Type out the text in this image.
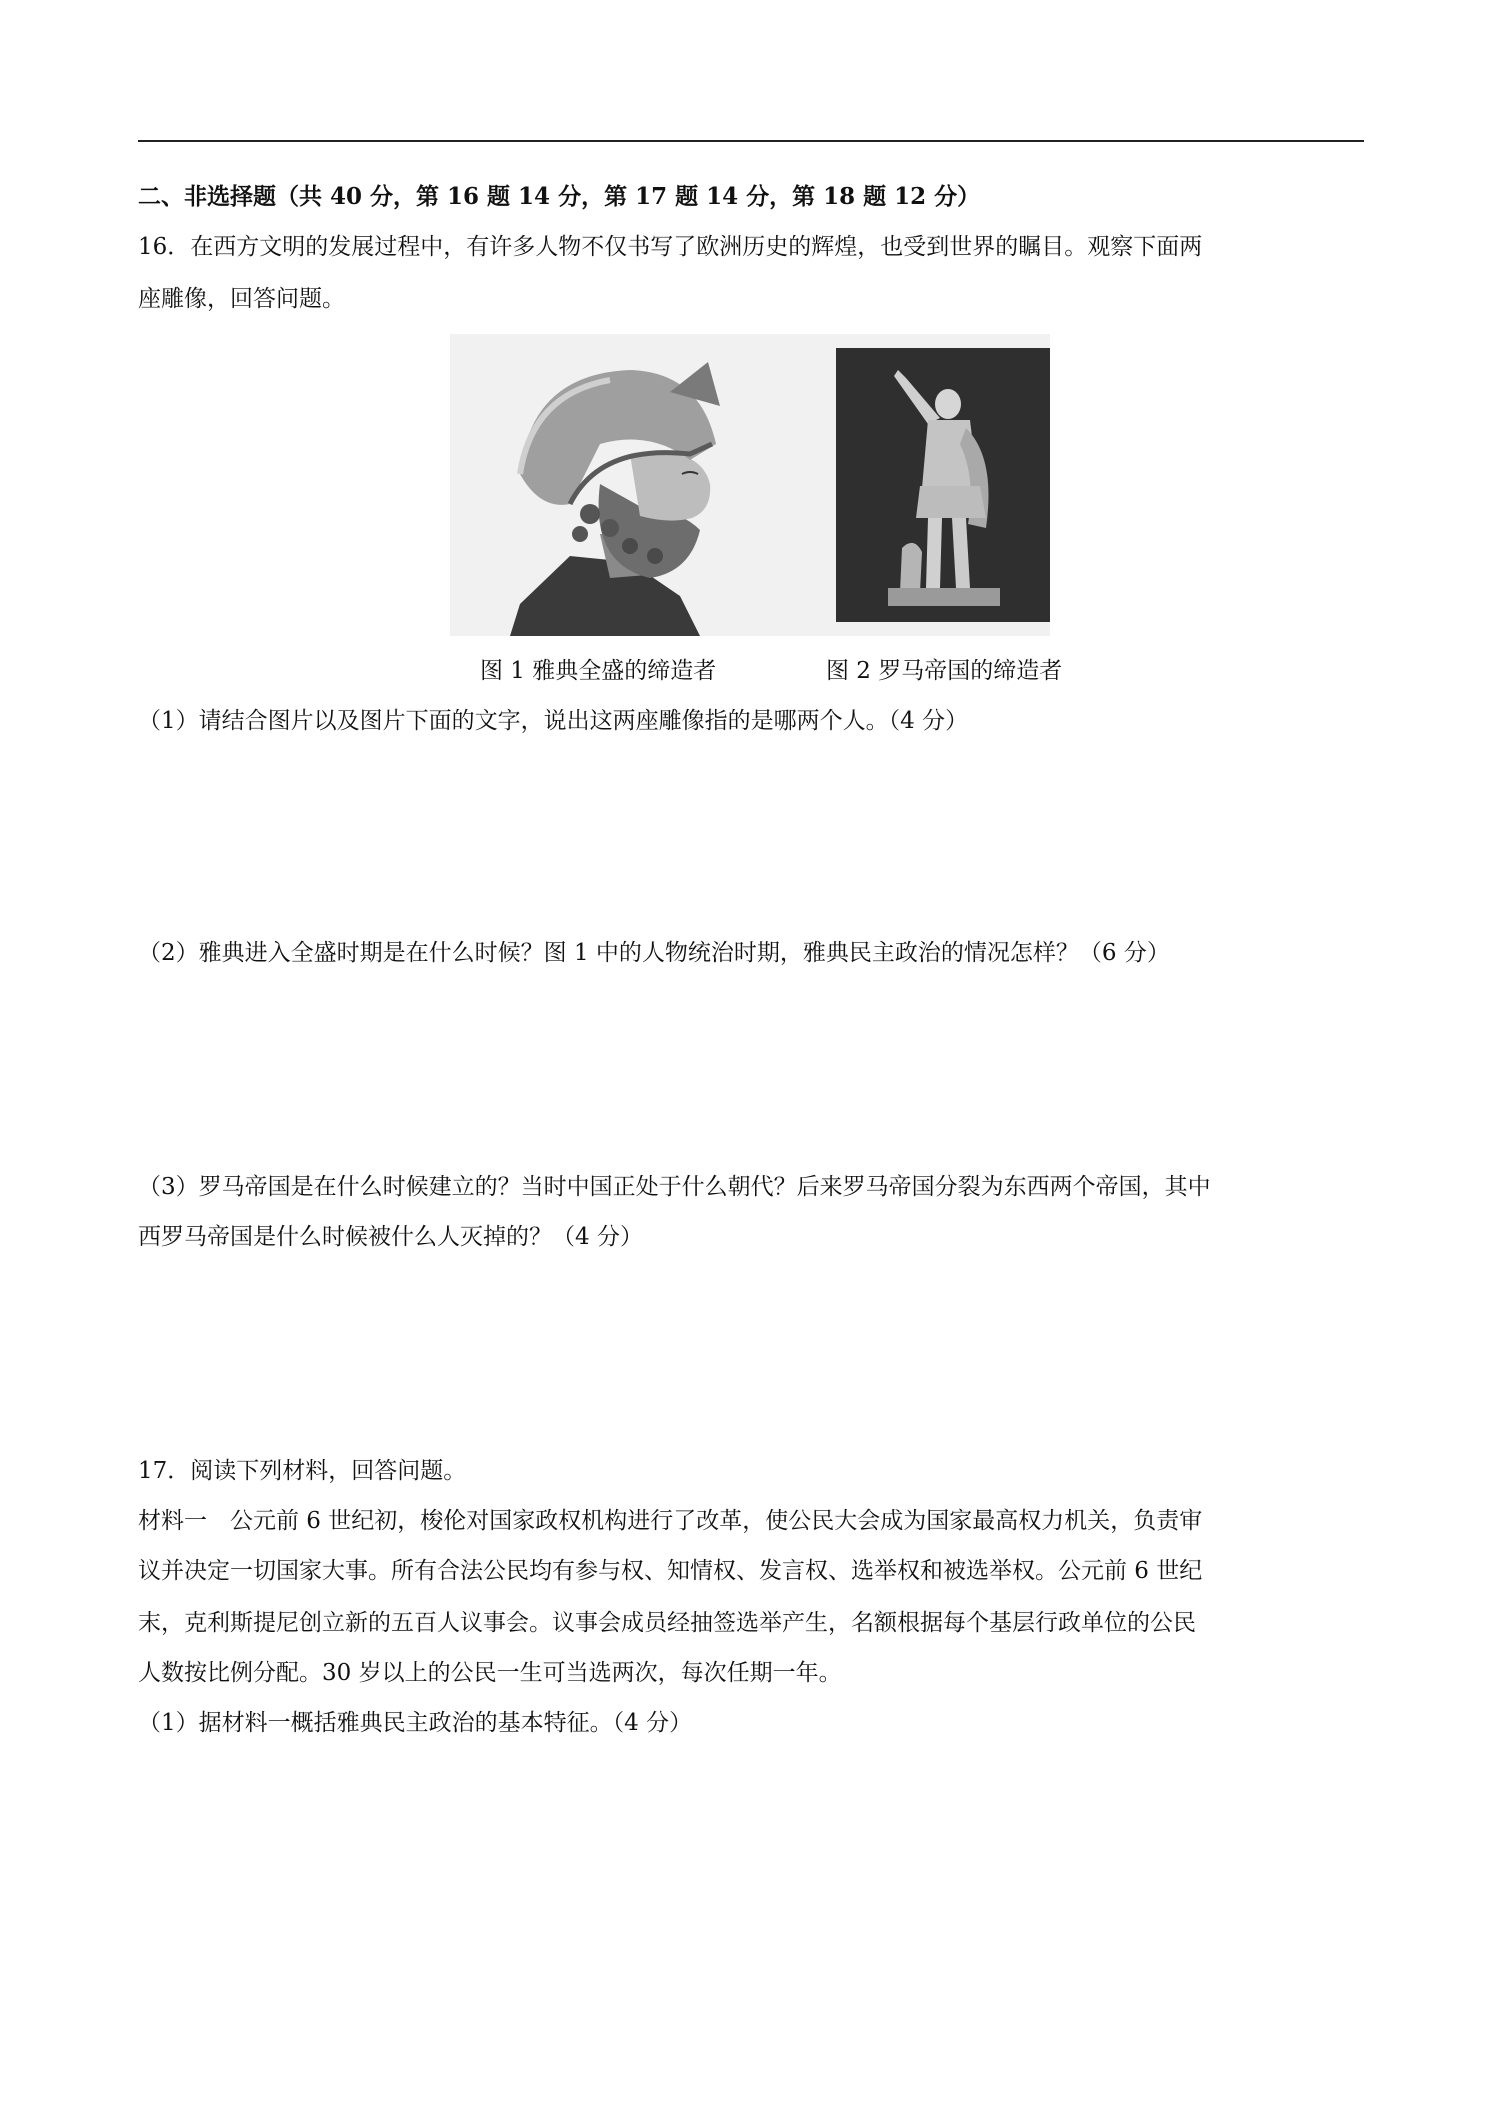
二、非选择题（共 40 分，第 16 题 14 分，第 17 题 14 分，第 18 题 12 分）
16．在西方文明的发展过程中，有许多人物不仅书写了欧洲历史的辉煌，也受到世界的瞩目。观察下面两
座雕像，回答问题。
图 1 雅典全盛的缔造者	图 2 罗马帝国的缔造者
（1）请结合图片以及图片下面的文字，说出这两座雕像指的是哪两个人。（4 分）
（2）雅典进入全盛时期是在什么时候？图 1 中的人物统治时期，雅典民主政治的情况怎样？（6 分）
（3）罗马帝国是在什么时候建立的？当时中国正处于什么朝代？后来罗马帝国分裂为东西两个帝国，其中
西罗马帝国是什么时候被什么人灭掉的？（4 分）
17．阅读下列材料，回答问题。
材料一　公元前 6 世纪初，梭伦对国家政权机构进行了改革，使公民大会成为国家最高权力机关，负责审
议并决定一切国家大事。所有合法公民均有参与权、知情权、发言权、选举权和被选举权。公元前 6 世纪
末，克利斯提尼创立新的五百人议事会。议事会成员经抽签选举产生，名额根据每个基层行政单位的公民
人数按比例分配。30 岁以上的公民一生可当选两次，每次任期一年。
（1）据材料一概括雅典民主政治的基本特征。（4 分）
